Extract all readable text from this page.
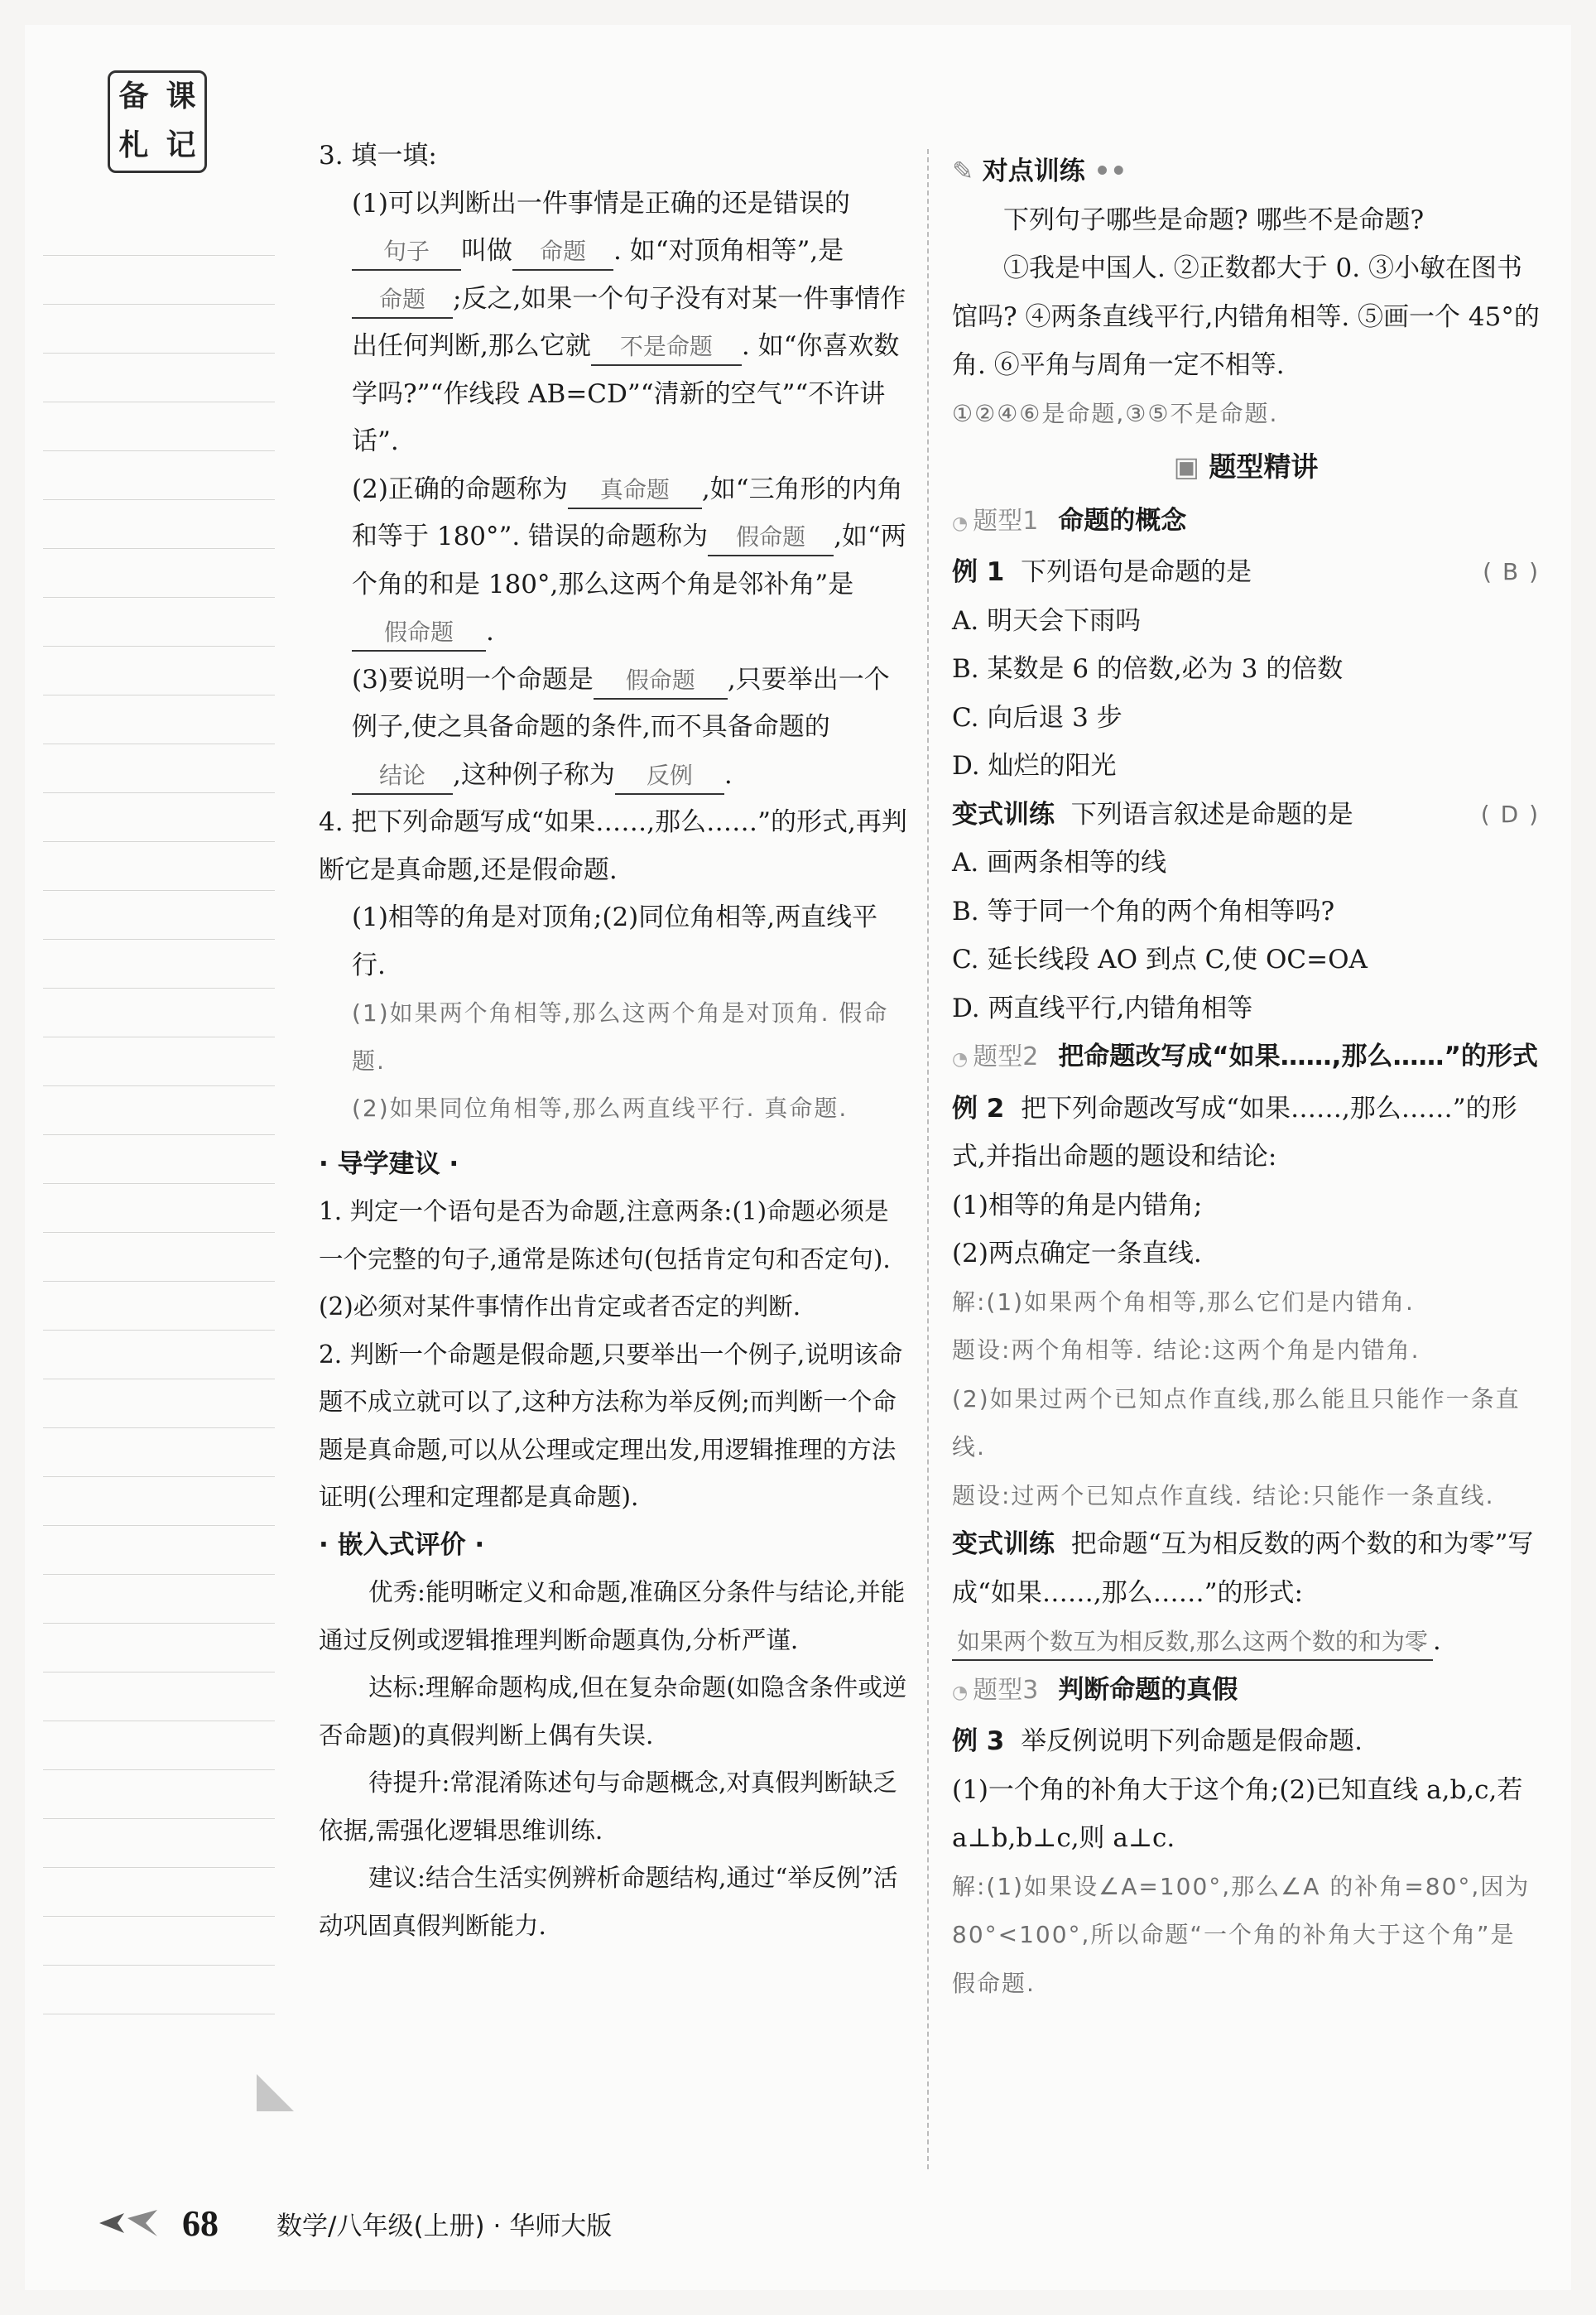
备 课
札 记	3. 填一填:

(1)可以判断出一件事情是正确的还是错误的句子 叫做 命题 . 如“对顶角相等”,是命题 ;反之,如果一个句子没有对某一件事情作出任何判断,那么它就 不是命题 . 如“你喜欢数学吗?”“作线段 AB=CD”“清新的空气”“不许讲话”.

(2)正确的命题称为 真命题 ,如“三角形的内角和等于 180°”. 错误的命题称为 假命题 ,如“两个角的和是 180°,那么这两个角是邻补角”是假命题 .

(3)要说明一个命题是 假命题 ,只要举出一个例子,使之具备命题的条件,而不具备命题的结论 ,这种例子称为 反例 .

4. 把下列命题写成“如果……,那么……”的形式,再判断它是真命题,还是假命题.

(1)相等的角是对顶角;(2)同位角相等,两直线平行.

(1)如果两个角相等,那么这两个角是对顶角. 假命题.

(2)如果同位角相等,那么两直线平行. 真命题.

· 导学建议 ·

1. 判定一个语句是否为命题,注意两条:(1)命题必须是一个完整的句子,通常是陈述句(包括肯定句和否定句). (2)必须对某件事情作出肯定或者否定的判断.

2. 判断一个命题是假命题,只要举出一个例子,说明该命题不成立就可以了,这种方法称为举反例;而判断一个命题是真命题,可以从公理或定理出发,用逻辑推理的方法证明(公理和定理都是真命题).

· 嵌入式评价 ·

优秀:能明晰定义和命题,准确区分条件与结论,并能通过反例或逻辑推理判断命题真伪,分析严谨.

达标:理解命题构成,但在复杂命题(如隐含条件或逆否命题)的真假判断上偶有失误.

待提升:常混淆陈述句与命题概念,对真假判断缺乏依据,需强化逻辑思维训练.

建议:结合生活实例辨析命题结构,通过“举反例”活动巩固真假判断能力.

✎ 对点训练 ••

下列句子哪些是命题? 哪些不是命题?

①我是中国人. ②正数都大于 0. ③小敏在图书馆吗? ④两条直线平行,内错角相等. ⑤画一个 45°的角. ⑥平角与周角一定不相等.

①②④⑥是命题,③⑤不是命题.

▣ 题型精讲

◔ 题型1 命题的概念

例 1 下列语句是命题的是	( B )

A. 明天会下雨吗

B. 某数是 6 的倍数,必为 3 的倍数

C. 向后退 3 步

D. 灿烂的阳光

变式训练 下列语言叙述是命题的是	( D )

A. 画两条相等的线

B. 等于同一个角的两个角相等吗?

C. 延长线段 AO 到点 C,使 OC=OA

D. 两直线平行,内错角相等

◔ 题型2 把命题改写成“如果……,那么……”的形式

例 2 把下列命题改写成“如果……,那么……”的形式,并指出命题的题设和结论:

(1)相等的角是内错角;

(2)两点确定一条直线.

解:(1)如果两个角相等,那么它们是内错角.

题设:两个角相等. 结论:这两个角是内错角.

(2)如果过两个已知点作直线,那么能且只能作一条直线.

题设:过两个已知点作直线. 结论:只能作一条直线.

变式训练 把命题“互为相反数的两个数的和为零”写成“如果……,那么……”的形式:如果两个数互为相反数,那么这两个数的和为零 .

◔ 题型3 判断命题的真假

例 3 举反例说明下列命题是假命题.

(1)一个角的补角大于这个角;(2)已知直线 a,b,c,若 a⊥b,b⊥c,则 a⊥c.

解:(1)如果设∠A=100°,那么∠A 的补角=80°,因为 80°<100°,所以命题“一个角的补角大于这个角”是假命题.

68 数学/八年级(上册) · 华师大版
